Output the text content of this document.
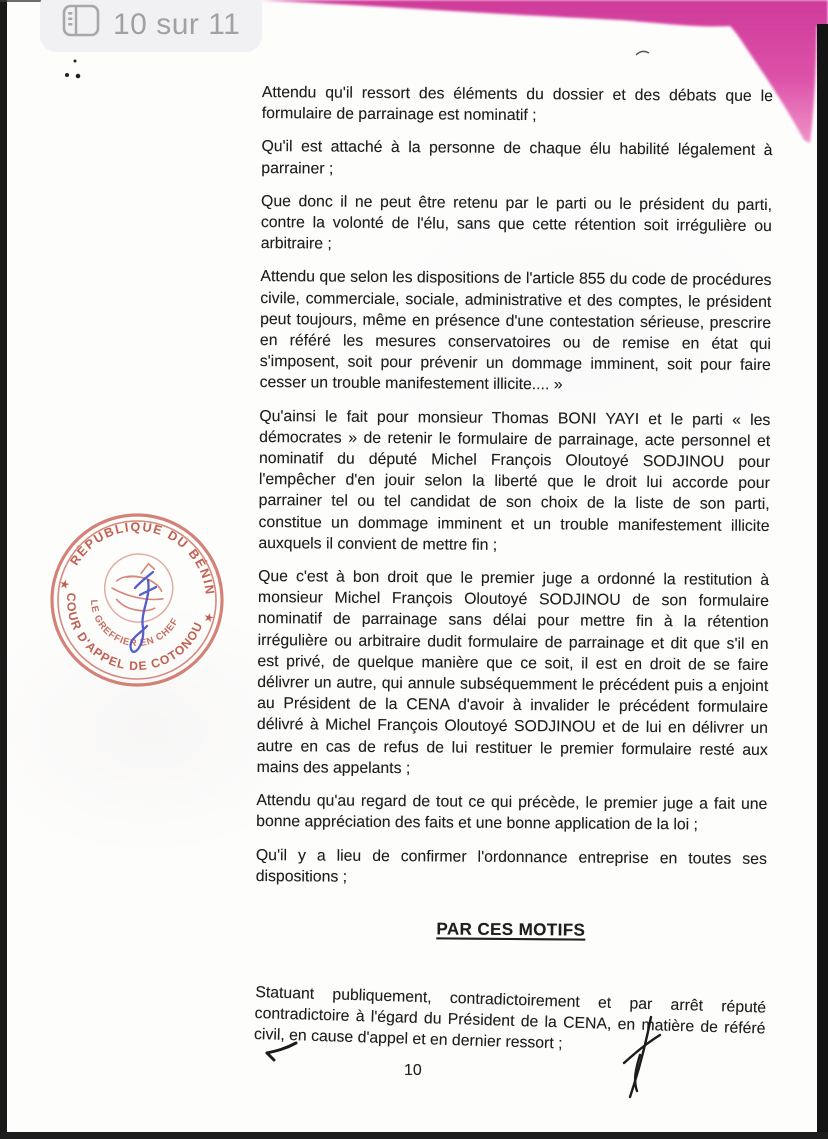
Attendu qu'il ressort des éléments du dossier et des débats que le formulaire de parrainage est nominatif ;

Qu'il est attaché à la personne de chaque élu habilité légalement à parrainer ;

Que donc il ne peut être retenu par le parti ou le président du parti, contre la volonté de l'élu, sans que cette rétention soit irrégulière ou arbitraire ;

Attendu que selon les dispositions de l'article 855 du code de procédures civile, commerciale, sociale, administrative et des comptes, le président peut toujours, même en présence d'une contestation sérieuse, prescrire en référé les mesures conservatoires ou de remise en état qui s'imposent, soit pour prévenir un dommage imminent, soit pour faire cesser un trouble manifestement illicite.... »

Qu'ainsi le fait pour monsieur Thomas BONI YAYI et le parti « les démocrates » de retenir le formulaire de parrainage, acte personnel et nominatif du député Michel François Oloutoyé SODJINOU pour l'empêcher d'en jouir selon la liberté que le droit lui accorde pour parrainer tel ou tel candidat de son choix de la liste de son parti, constitue un dommage imminent et un trouble manifestement illicite auxquels il convient de mettre fin ;

Que c'est à bon droit que le premier juge a ordonné la restitution à monsieur Michel François Oloutoyé SODJINOU de son formulaire nominatif de parrainage sans délai pour mettre fin à la rétention irrégulière ou arbitraire dudit formulaire de parrainage et dit que s'il en est privé, de quelque manière que ce soit, il est en droit de se faire délivrer un autre, qui annule subséquemment le précédent puis a enjoint au Président de la CENA d'avoir à invalider le précédent formulaire délivré à Michel François Oloutoyé SODJINOU et de lui en délivrer un autre en cas de refus de lui restituer le premier formulaire resté aux mains des appelants ;

Attendu qu'au regard de tout ce qui précède, le premier juge a fait une bonne appréciation des faits et une bonne application de la loi ;

Qu'il y a lieu de confirmer l'ordonnance entreprise en toutes ses dispositions ;

PAR CES MOTIFS

Statuant publiquement, contradictoirement et par arrêt réputé contradictoire à l'égard du Président de la CENA, en matière de référé civil, en cause d'appel et en dernier ressort ;

10
RÉPUBLIQUE DU BÉNIN
COUR D'APPEL DE COTONOU
LE GREFFIER EN CHEF
★
★
10 sur 11
